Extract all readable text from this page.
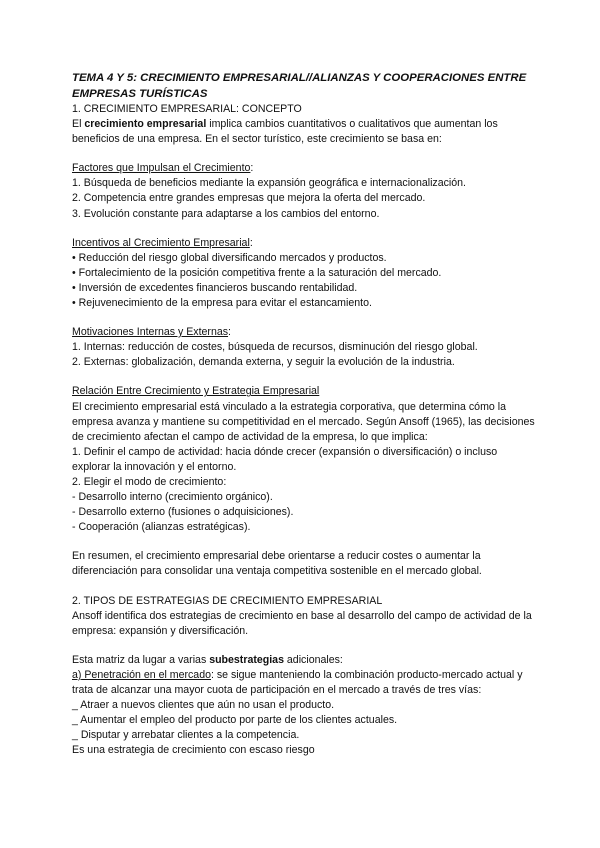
TEMA 4 Y 5: CRECIMIENTO EMPRESARIAL//ALIANZAS Y COOPERACIONES ENTRE EMPRESAS TURÍSTICAS

1. CRECIMIENTO EMPRESARIAL: CONCEPTO

El crecimiento empresarial implica cambios cuantitativos o cualitativos que aumentan los beneficios de una empresa. En el sector turístico, este crecimiento se basa en:

Factores que Impulsan el Crecimiento:

1. Búsqueda de beneficios mediante la expansión geográfica e internacionalización.

2. Competencia entre grandes empresas que mejora la oferta del mercado.

3. Evolución constante para adaptarse a los cambios del entorno.

Incentivos al Crecimiento Empresarial:

• Reducción del riesgo global diversificando mercados y productos.

• Fortalecimiento de la posición competitiva frente a la saturación del mercado.

• Inversión de excedentes financieros buscando rentabilidad.

• Rejuvenecimiento de la empresa para evitar el estancamiento.

Motivaciones Internas y Externas:

1. Internas: reducción de costes, búsqueda de recursos, disminución del riesgo global.

2. Externas: globalización, demanda externa, y seguir la evolución de la industria.

Relación Entre Crecimiento y Estrategia Empresarial

El crecimiento empresarial está vinculado a la estrategia corporativa, que determina cómo la empresa avanza y mantiene su competitividad en el mercado. Según Ansoff (1965), las decisiones de crecimiento afectan el campo de actividad de la empresa, lo que implica:

1. Definir el campo de actividad: hacia dónde crecer (expansión o diversificación) o incluso explorar la innovación y el entorno.

2. Elegir el modo de crecimiento:

- Desarrollo interno (crecimiento orgánico).

- Desarrollo externo (fusiones o adquisiciones).

- Cooperación (alianzas estratégicas).

En resumen, el crecimiento empresarial debe orientarse a reducir costes o aumentar la diferenciación para consolidar una ventaja competitiva sostenible en el mercado global.

2. TIPOS DE ESTRATEGIAS DE CRECIMIENTO EMPRESARIAL

Ansoff identifica dos estrategias de crecimiento en base al desarrollo del campo de actividad de la empresa: expansión y diversificación.

Esta matriz da lugar a varias subestrategias adicionales:

a) Penetración en el mercado: se sigue manteniendo la combinación producto-mercado actual y trata de alcanzar una mayor cuota de participación en el mercado a través de tres vías:

_ Atraer a nuevos clientes que aún no usan el producto.

_ Aumentar el empleo del producto por parte de los clientes actuales.

_ Disputar y arrebatar clientes a la competencia.

Es una estrategia de crecimiento con escaso riesgo
